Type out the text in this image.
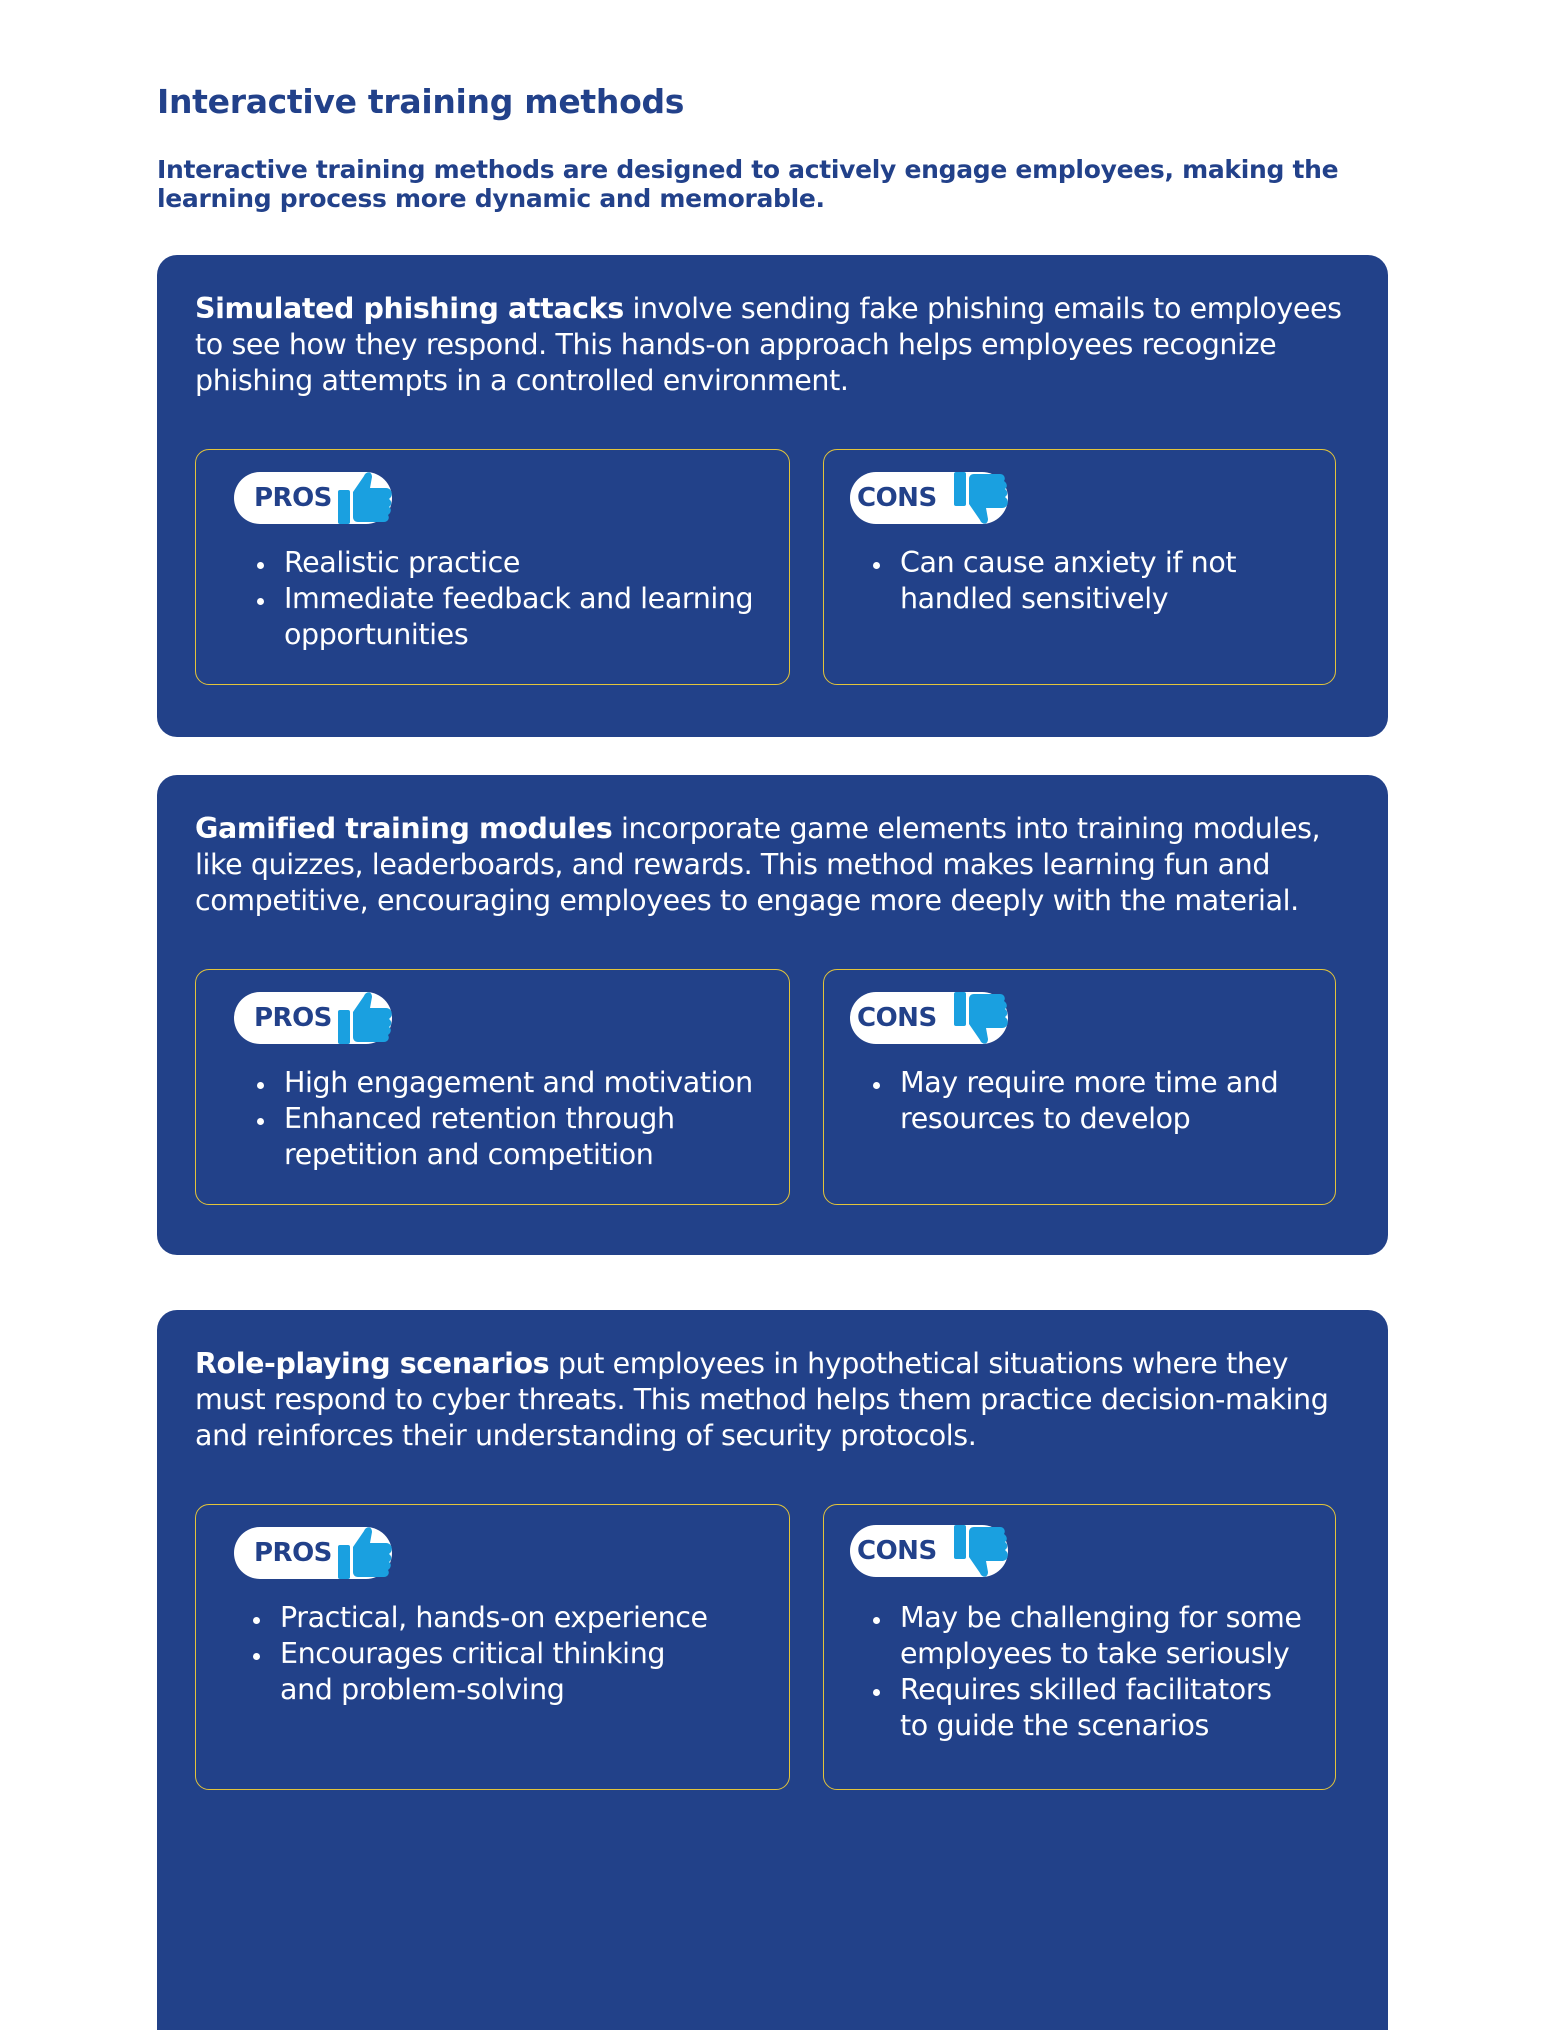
Interactive training methods

Interactive training methods are designed to actively engage employees, making the learning process more dynamic and memorable.

Simulated phishing attacks involve sending fake phishing emails to employees to see how they respond. This hands-on approach helps employees recognize phishing attempts in a controlled environment.

PROS
• Realistic practice
• Immediate feedback and learning opportunities
CONS
• Can cause anxiety if not handled sensitively

Gamified training modules incorporate game elements into training modules, like quizzes, leaderboards, and rewards. This method makes learning fun and competitive, encouraging employees to engage more deeply with the material.

PROS
• High engagement and motivation
• Enhanced retention through repetition and competition
CONS
• May require more time and resources to develop

Role-playing scenarios put employees in hypothetical situations where they must respond to cyber threats. This method helps them practice decision-making and reinforces their understanding of security protocols.

PROS
• Practical, hands-on experience
• Encourages critical thinking and problem-solving
CONS
• May be challenging for some employees to take seriously
• Requires skilled facilitators to guide the scenarios
